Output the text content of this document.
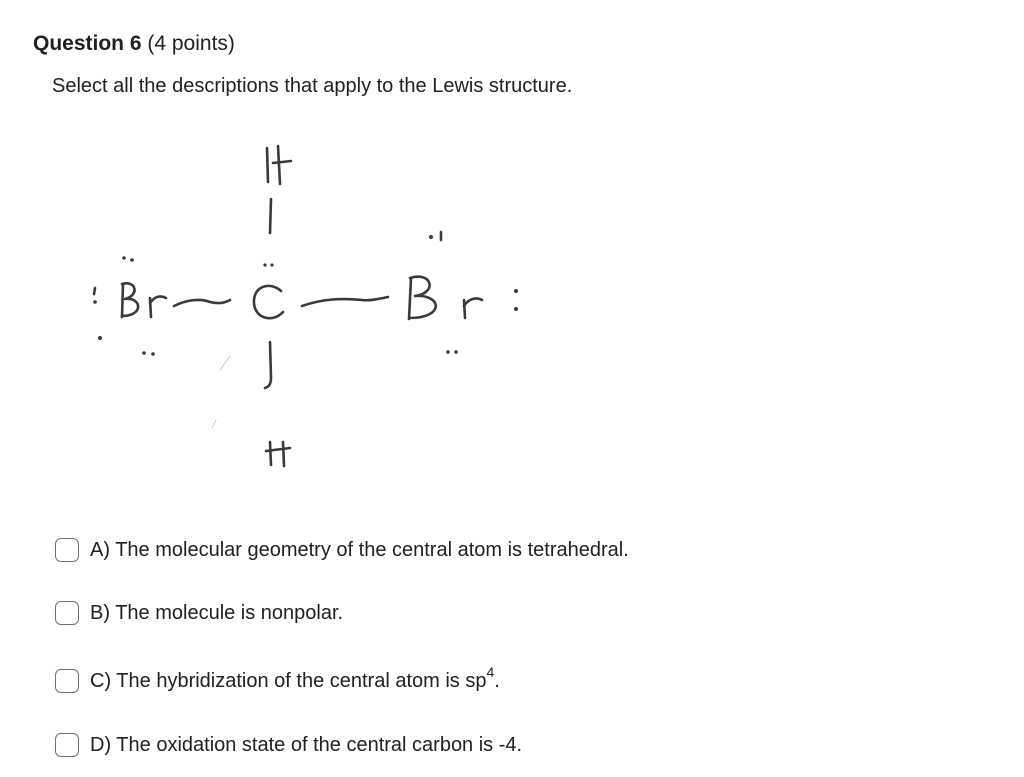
Question 6 (4 points)
Select all the descriptions that apply to the Lewis structure.
A) The molecular geometry of the central atom is tetrahedral.
B) The molecule is nonpolar.
C) The hybridization of the central atom is $sp^4$.
D) The oxidation state of the central carbon is -4.
